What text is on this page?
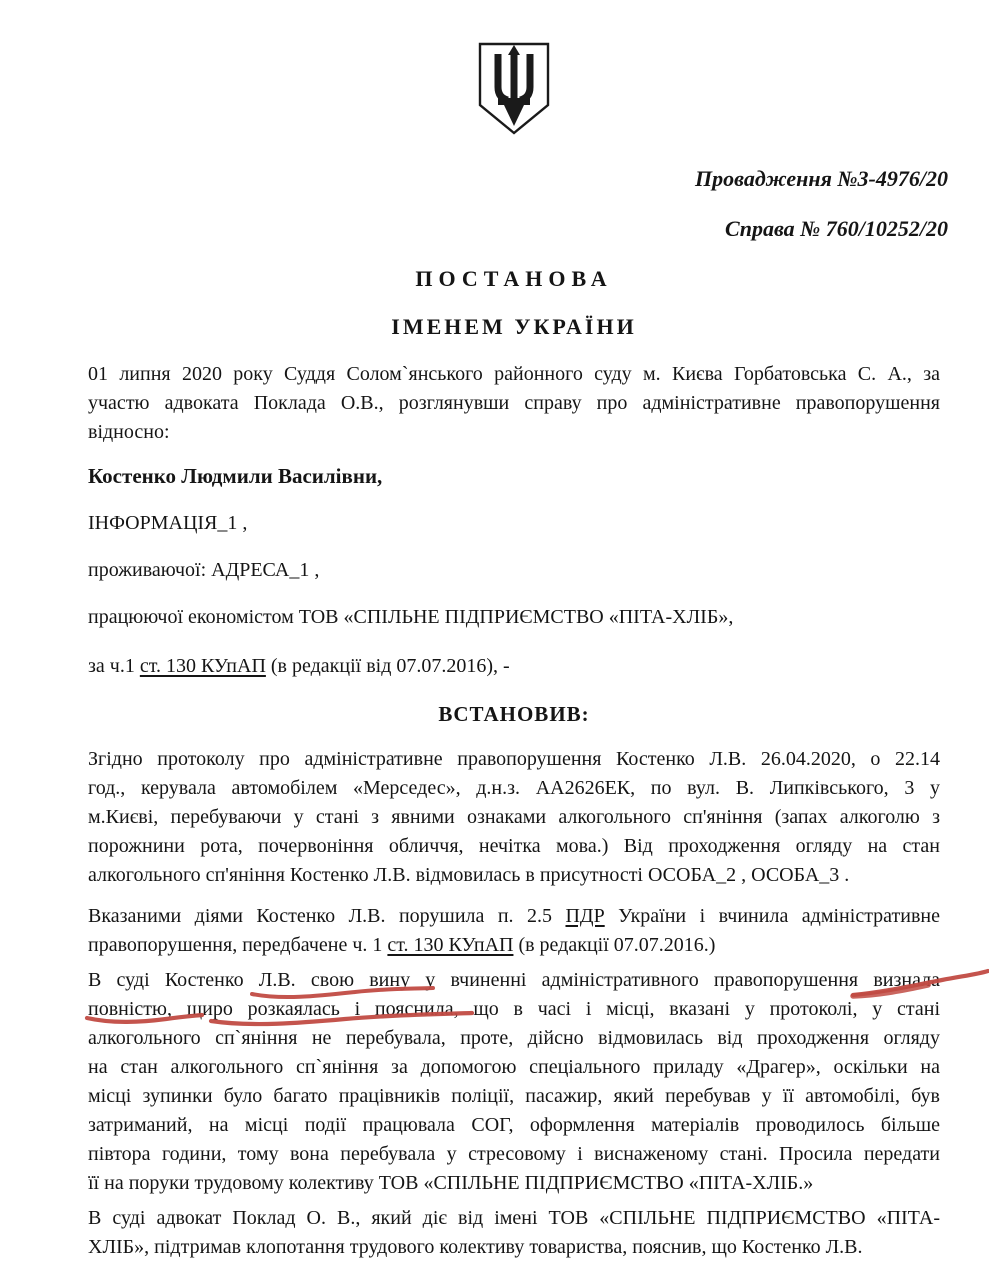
Провадження №3-4976/20
Справа № 760/10252/20
ПОСТАНОВА
ІМЕНЕМ УКРАЇНИ
01 липня 2020 року Суддя Солом`янського районного суду м. Києва Горбатовська С. А., за
участю адвоката Поклада О.В., розглянувши справу про адміністративне правопорушення
відносно:
Костенко Людмили Василівни,
ІНФОРМАЦІЯ_1 ,
проживаючої: АДРЕСА_1 ,
працюючої економістом ТОВ «СПІЛЬНЕ ПІДПРИЄМСТВО «ПІТА-ХЛІБ»,
за ч.1 ст. 130 КУпАП (в редакції від 07.07.2016), -
ВСТАНОВИВ:
Згідно протоколу про адміністративне правопорушення Костенко Л.В. 26.04.2020, о 22.14
год., керувала автомобілем «Мерседес», д.н.з. АА2626ЕК, по вул. В. Липківського, 3 у
м.Києві, перебуваючи у стані з явними ознаками алкогольного сп'яніння (запах алкоголю з
порожнини рота, почервоніння обличчя, нечітка мова.) Від проходження огляду на стан
алкогольного сп'яніння Костенко Л.В. відмовилась в присутності ОСОБА_2 , ОСОБА_3 .
Вказаними діями Костенко Л.В. порушила п. 2.5 ПДР України і вчинила адміністративне
правопорушення, передбачене ч. 1 ст. 130 КУпАП (в редакції 07.07.2016.)
В суді Костенко Л.В. свою вину у вчиненні адміністративного правопорушення визнала
повністю, щиро розкаялась і пояснила, що в часі і місці, вказані у протоколі, у стані
алкогольного сп`яніння не перебувала, проте, дійсно відмовилась від проходження огляду
на стан алкогольного сп`яніння за допомогою спеціального приладу «Драгер», оскільки на
місці зупинки було багато працівників поліції, пасажир, який перебував у її автомобілі, був
затриманий, на місці події працювала СОГ, оформлення матеріалів проводилось більше
півтора години, тому вона перебувала у стресовому і виснаженому стані. Просила передати
її на поруки трудовому колективу ТОВ «СПІЛЬНЕ ПІДПРИЄМСТВО «ПІТА-ХЛІБ.»
В суді адвокат Поклад О. В., який діє від імені ТОВ «СПІЛЬНЕ ПІДПРИЄМСТВО «ПІТА-
ХЛІБ», підтримав клопотання трудового колективу товариства, пояснив, що Костенко Л.В.
